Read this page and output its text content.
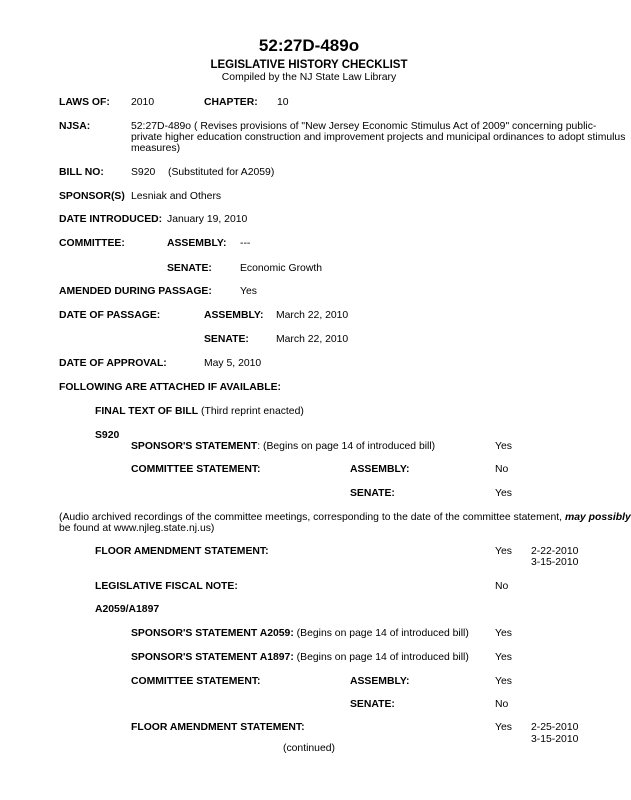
52:27D-489o
LEGISLATIVE HISTORY CHECKLIST
Compiled by the NJ State Law Library
LAWS OF: 2010	CHAPTER: 10
NJSA:	52:27D-489o ( Revises provisions of "New Jersey Economic Stimulus Act of 2009" concerning public-
private higher education construction and improvement projects and municipal ordinances to adopt stimulus
measures)
BILL NO:	S920 (Substituted for A2059)
SPONSOR(S) Lesniak and Others
DATE INTRODUCED: January 19, 2010
COMMITTEE:	ASSEMBLY: ---
SENATE:	Economic Growth
AMENDED DURING PASSAGE:	Yes
DATE OF PASSAGE:	ASSEMBLY: March 22, 2010
SENATE:	March 22, 2010
DATE OF APPROVAL:	May 5, 2010
FOLLOWING ARE ATTACHED IF AVAILABLE:
FINAL TEXT OF BILL (Third reprint enacted)
S920
SPONSOR'S STATEMENT: (Begins on page 14 of introduced bill)	Yes
COMMITTEE STATEMENT:	ASSEMBLY:	No
SENATE:	Yes
(Audio archived recordings of the committee meetings, corresponding to the date of the committee statement, may possibly
be found at www.njleg.state.nj.us)
FLOOR AMENDMENT STATEMENT:	Yes 2-22-2010
3-15-2010
LEGISLATIVE FISCAL NOTE:	No
A2059/A1897
SPONSOR'S STATEMENT A2059: (Begins on page 14 of introduced bill)	Yes
SPONSOR'S STATEMENT A1897: (Begins on page 14 of introduced bill)	Yes
COMMITTEE STATEMENT:	ASSEMBLY:	Yes
SENATE:	No
FLOOR AMENDMENT STATEMENT:	Yes 2-25-2010
3-15-2010
(continued)
